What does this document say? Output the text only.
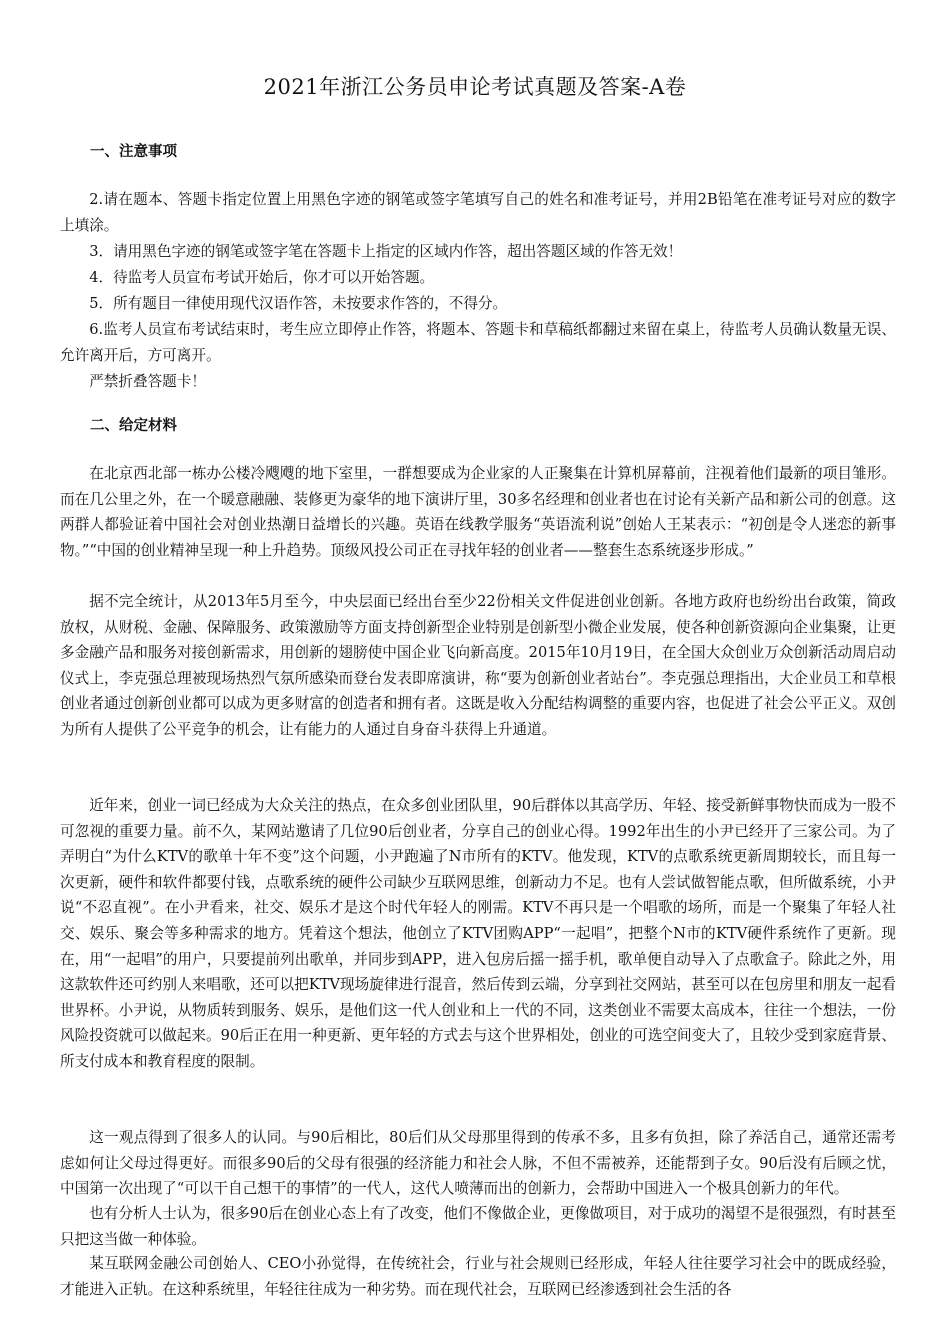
2021年浙江公务员申论考试真题及答案-A卷
一、注意事项

2.请在题本、答题卡指定位置上用黑色字迹的钢笔或签字笔填写自己的姓名和准考证号，并用2B铅笔在准考证号对应的数字上填涂。

3．请用黑色字迹的钢笔或签字笔在答题卡上指定的区域内作答，超出答题区域的作答无效！

4．待监考人员宣布考试开始后，你才可以开始答题。

5．所有题目一律使用现代汉语作答，未按要求作答的，不得分。

6.监考人员宣布考试结束时，考生应立即停止作答，将题本、答题卡和草稿纸都翻过来留在桌上，待监考人员确认数量无误、允许离开后，方可离开。

严禁折叠答题卡！

二、给定材料

在北京西北部一栋办公楼冷飕飕的地下室里，一群想要成为企业家的人正聚集在计算机屏幕前，注视着他们最新的项目雏形。而在几公里之外，在一个暖意融融、装修更为豪华的地下演讲厅里，30多名经理和创业者也在讨论有关新产品和新公司的创意。这两群人都验证着中国社会对创业热潮日益增长的兴趣。英语在线教学服务“英语流利说”创始人王某表示：“初创是令人迷恋的新事物。”“中国的创业精神呈现一种上升趋势。顶级风投公司正在寻找年轻的创业者——整套生态系统逐步形成。”

据不完全统计，从2013年5月至今，中央层面已经出台至少22份相关文件促进创业创新。各地方政府也纷纷出台政策，简政放权，从财税、金融、保障服务、政策激励等方面支持创新型企业特别是创新型小微企业发展，使各种创新资源向企业集聚，让更多金融产品和服务对接创新需求，用创新的翅膀使中国企业飞向新高度。2015年10月19日，在全国大众创业万众创新活动周启动仪式上，李克强总理被现场热烈气氛所感染而登台发表即席演讲，称“要为创新创业者站台”。李克强总理指出，大企业员工和草根创业者通过创新创业都可以成为更多财富的创造者和拥有者。这既是收入分配结构调整的重要内容，也促进了社会公平正义。双创为所有人提供了公平竞争的机会，让有能力的人通过自身奋斗获得上升通道。

近年来，创业一词已经成为大众关注的热点，在众多创业团队里，90后群体以其高学历、年轻、接受新鲜事物快而成为一股不可忽视的重要力量。前不久，某网站邀请了几位90后创业者，分享自己的创业心得。1992年出生的小尹已经开了三家公司。为了弄明白“为什么KTV的歌单十年不变”这个问题，小尹跑遍了N市所有的KTV。他发现，KTV的点歌系统更新周期较长，而且每一次更新，硬件和软件都要付钱，点歌系统的硬件公司缺少互联网思维，创新动力不足。也有人尝试做智能点歌，但所做系统，小尹说“不忍直视”。在小尹看来，社交、娱乐才是这个时代年轻人的刚需。KTV不再只是一个唱歌的场所，而是一个聚集了年轻人社交、娱乐、聚会等多种需求的地方。凭着这个想法，他创立了KTV团购APP“一起唱”，把整个N市的KTV硬件系统作了更新。现在，用“一起唱”的用户，只要提前列出歌单，并同步到APP，进入包房后摇一摇手机，歌单便自动导入了点歌盒子。除此之外，用这款软件还可约别人来唱歌，还可以把KTV现场旋律进行混音，然后传到云端，分享到社交网站，甚至可以在包房里和朋友一起看世界杯。小尹说，从物质转到服务、娱乐，是他们这一代人创业和上一代的不同，这类创业不需要太高成本，往往一个想法，一份风险投资就可以做起来。90后正在用一种更新、更年轻的方式去与这个世界相处，创业的可选空间变大了，且较少受到家庭背景、所支付成本和教育程度的限制。

这一观点得到了很多人的认同。与90后相比，80后们从父母那里得到的传承不多，且多有负担，除了养活自己，通常还需考虑如何让父母过得更好。而很多90后的父母有很强的经济能力和社会人脉，不但不需被养，还能帮到子女。90后没有后顾之忧，中国第一次出现了“可以干自己想干的事情”的一代人，这代人喷薄而出的创新力，会帮助中国进入一个极具创新力的年代。

也有分析人士认为，很多90后在创业心态上有了改变，他们不像做企业，更像做项目，对于成功的渴望不是很强烈，有时甚至只把这当做一种体验。

某互联网金融公司创始人、CEO小孙觉得，在传统社会，行业与社会规则已经形成，年轻人往往要学习社会中的既成经验，才能进入正轨。在这种系统里，年轻往往成为一种劣势。而在现代社会，互联网已经渗透到社会生活的各
